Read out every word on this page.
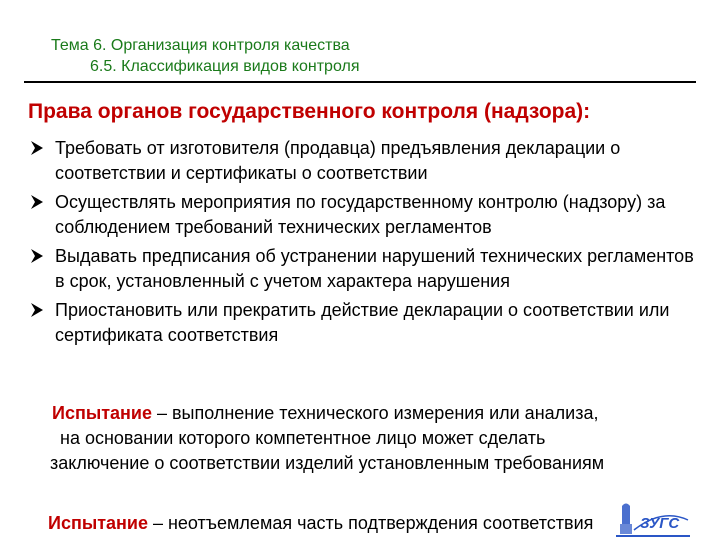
Тема 6. Организация контроля качества
6.5. Классификация видов контроля
Права органов государственного контроля (надзора):
Требовать от изготовителя (продавца) предъявления декларации о соответствии и сертификаты о соответствии
Осуществлять мероприятия по государственному контролю (надзору) за соблюдением требований технических регламентов
Выдавать предписания об устранении нарушений технических регламентов в срок, установленный с учетом характера нарушения
Приостановить или прекратить действие декларации о соответствии или сертификата соответствия
Испытание – выполнение технического измерения или анализа,
на основании которого компетентное лицо может сделать
заключение о соответствии изделий установленным требованиям
Испытание – неотъемлемая часть подтверждения соответствия	ЗУГС
